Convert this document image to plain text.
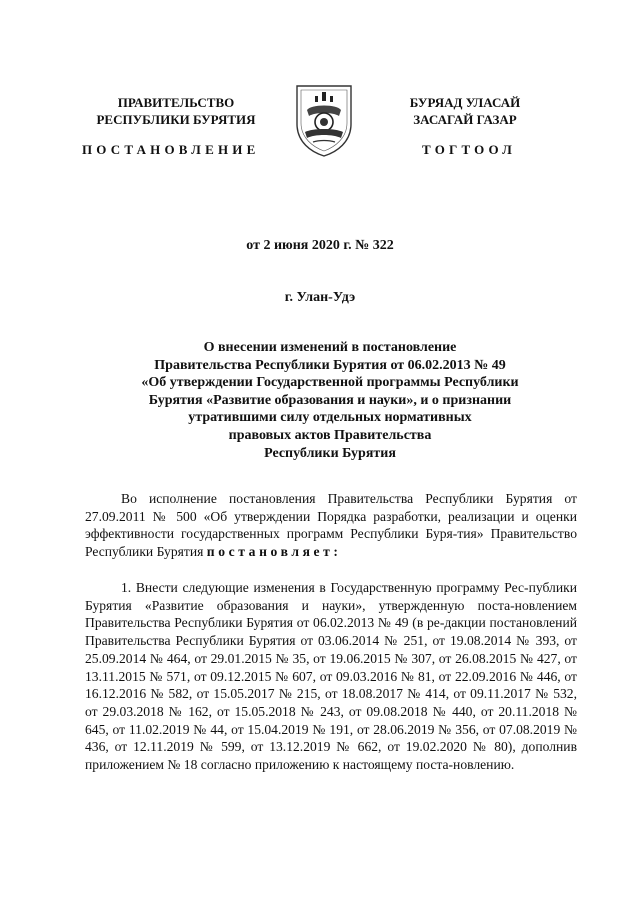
ПРАВИТЕЛЬСТВО
РЕСПУБЛИКИ БУРЯТИЯ
БУРЯАД УЛАСАЙ
ЗАСАГАЙ ГАЗАР
ПОСТАНОВЛЕНИЕ	ТОГТООЛ
от 2 июня 2020 г. № 322
г. Улан-Удэ
О внесении изменений в постановление
Правительства Республики Бурятия от 06.02.2013 № 49
«Об утверждении Государственной программы Республики
Бурятия «Развитие образования и науки», и о признании
утратившими силу отдельных нормативных
правовых актов Правительства
Республики Бурятия
Во исполнение постановления Правительства Республики Бурятия от 27.09.2011 № 500 «Об утверждении Порядка разработки, реализации и оценки эффективности государственных программ Республики Буря-тия» Правительство Республики Бурятия постановляет:
1. Внести следующие изменения в Государственную программу Рес-публики Бурятия «Развитие образования и науки», утвержденную поста-новлением Правительства Республики Бурятия от 06.02.2013 № 49 (в ре-дакции постановлений Правительства Республики Бурятия от 03.06.2014 № 251, от 19.08.2014 № 393, от 25.09.2014 № 464, от 29.01.2015 № 35, от 19.06.2015 № 307, от 26.08.2015 № 427, от 13.11.2015 № 571, от 09.12.2015 № 607, от 09.03.2016 № 81, от 22.09.2016 № 446, от 16.12.2016 № 582, от 15.05.2017 № 215, от 18.08.2017 № 414, от 09.11.2017 № 532, от 29.03.2018 № 162, от 15.05.2018 № 243, от 09.08.2018 № 440, от 20.11.2018 № 645, от 11.02.2019 № 44, от 15.04.2019 № 191, от 28.06.2019 № 356, от 07.08.2019 № 436, от 12.11.2019 № 599, от 13.12.2019 № 662, от 19.02.2020 № 80), дополнив приложением № 18 согласно приложению к настоящему поста-новлению.
